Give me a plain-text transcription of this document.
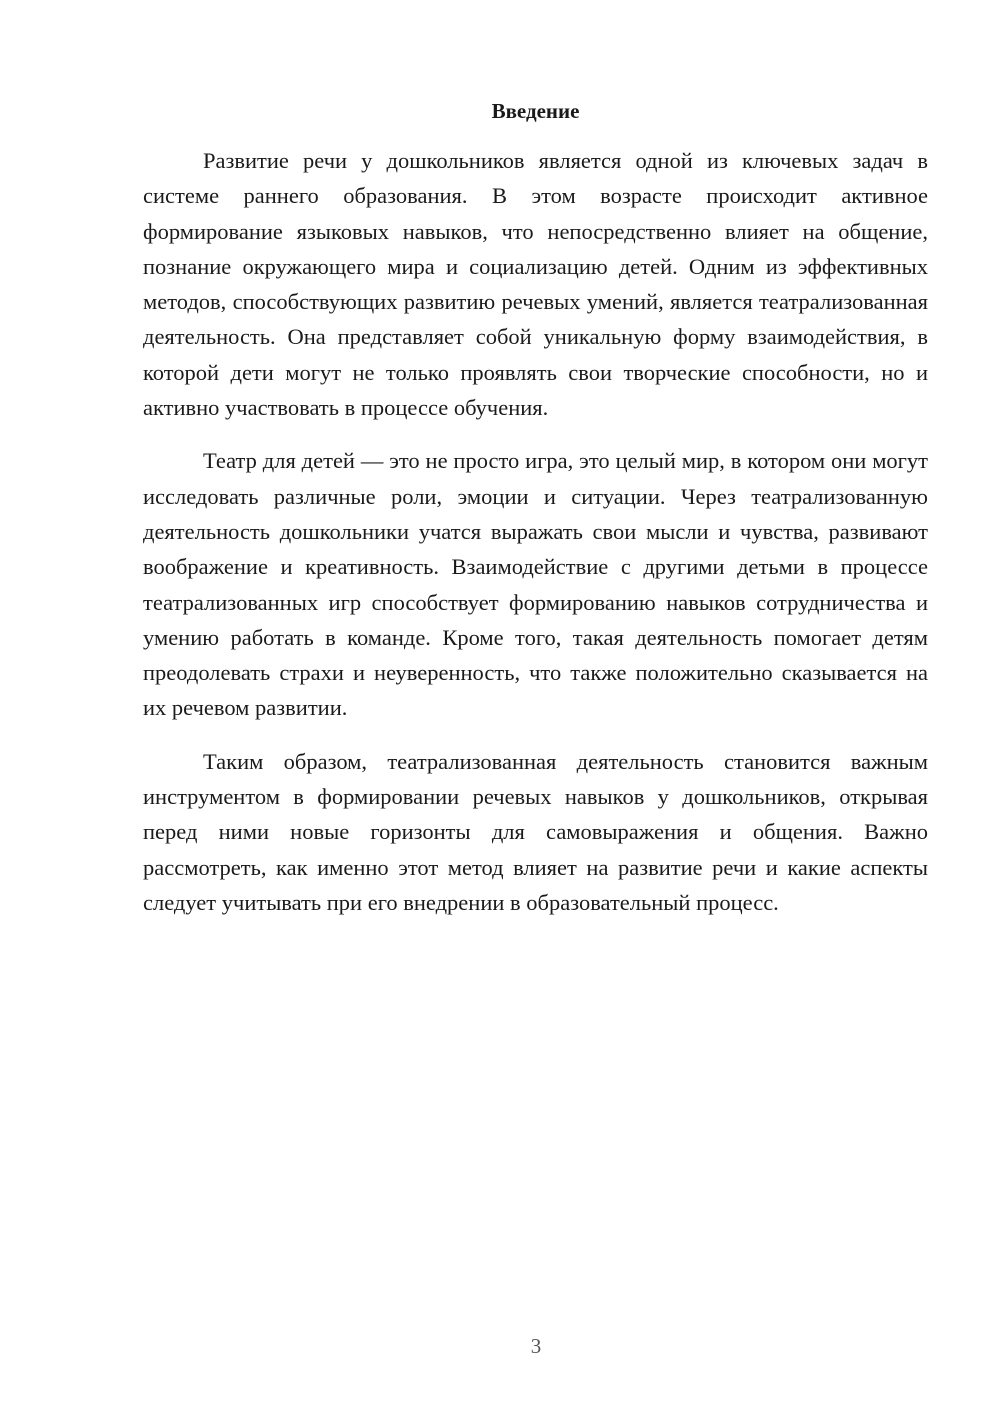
Введение

Развитие речи у дошкольников является одной из ключевых задач в системе раннего образования. В этом возрасте происходит активное формирование языковых навыков, что непосредственно влияет на общение, познание окружающего мира и социализацию детей. Одним из эффективных методов, способствующих развитию речевых умений, является театрализованная деятельность. Она представляет собой уникальную форму взаимодействия, в которой дети могут не только проявлять свои творческие способности, но и активно участвовать в процессе обучения.

Театр для детей — это не просто игра, это целый мир, в котором они могут исследовать различные роли, эмоции и ситуации. Через театрализованную деятельность дошкольники учатся выражать свои мысли и чувства, развивают воображение и креативность. Взаимодействие с другими детьми в процессе театрализованных игр способствует формированию навыков сотрудничества и умению работать в команде. Кроме того, такая деятельность помогает детям преодолевать страхи и неуверенность, что также положительно сказывается на их речевом развитии.

Таким образом, театрализованная деятельность становится важным инструментом в формировании речевых навыков у дошкольников, открывая перед ними новые горизонты для самовыражения и общения. Важно рассмотреть, как именно этот метод влияет на развитие речи и какие аспекты следует учитывать при его внедрении в образовательный процесс.

3
